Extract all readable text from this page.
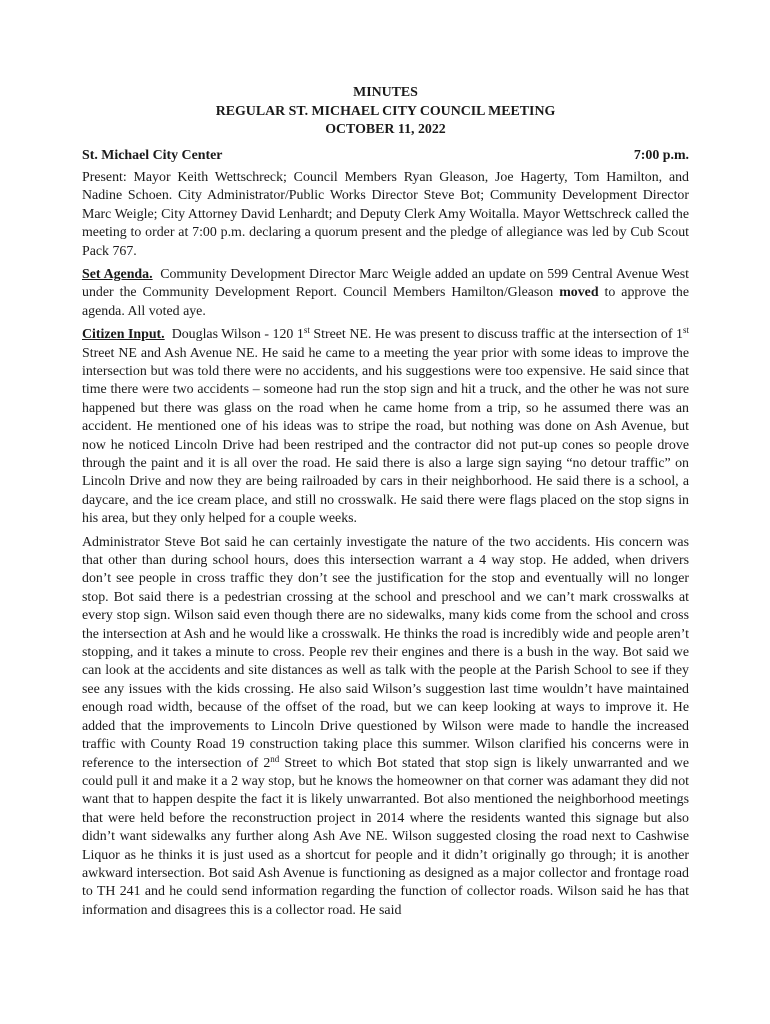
MINUTES
REGULAR ST. MICHAEL CITY COUNCIL MEETING
OCTOBER 11, 2022
St. Michael City Center	7:00 p.m.

Present: Mayor Keith Wettschreck; Council Members Ryan Gleason, Joe Hagerty, Tom Hamilton, and Nadine Schoen. City Administrator/Public Works Director Steve Bot; Community Development Director Marc Weigle; City Attorney David Lenhardt; and Deputy Clerk Amy Woitalla. Mayor Wettschreck called the meeting to order at 7:00 p.m. declaring a quorum present and the pledge of allegiance was led by Cub Scout Pack 767.

Set Agenda. Community Development Director Marc Weigle added an update on 599 Central Avenue West under the Community Development Report. Council Members Hamilton/Gleason moved to approve the agenda. All voted aye.

Citizen Input. Douglas Wilson - 120 1st Street NE. He was present to discuss traffic at the intersection of 1st Street NE and Ash Avenue NE. He said he came to a meeting the year prior with some ideas to improve the intersection but was told there were no accidents, and his suggestions were too expensive. He said since that time there were two accidents – someone had run the stop sign and hit a truck, and the other he was not sure happened but there was glass on the road when he came home from a trip, so he assumed there was an accident. He mentioned one of his ideas was to stripe the road, but nothing was done on Ash Avenue, but now he noticed Lincoln Drive had been restriped and the contractor did not put-up cones so people drove through the paint and it is all over the road. He said there is also a large sign saying “no detour traffic” on Lincoln Drive and now they are being railroaded by cars in their neighborhood. He said there is a school, a daycare, and the ice cream place, and still no crosswalk. He said there were flags placed on the stop signs in his area, but they only helped for a couple weeks.

Administrator Steve Bot said he can certainly investigate the nature of the two accidents. His concern was that other than during school hours, does this intersection warrant a 4 way stop. He added, when drivers don’t see people in cross traffic they don’t see the justification for the stop and eventually will no longer stop. Bot said there is a pedestrian crossing at the school and preschool and we can’t mark crosswalks at every stop sign. Wilson said even though there are no sidewalks, many kids come from the school and cross the intersection at Ash and he would like a crosswalk. He thinks the road is incredibly wide and people aren’t stopping, and it takes a minute to cross. People rev their engines and there is a bush in the way. Bot said we can look at the accidents and site distances as well as talk with the people at the Parish School to see if they see any issues with the kids crossing. He also said Wilson’s suggestion last time wouldn’t have maintained enough road width, because of the offset of the road, but we can keep looking at ways to improve it. He added that the improvements to Lincoln Drive questioned by Wilson were made to handle the increased traffic with County Road 19 construction taking place this summer. Wilson clarified his concerns were in reference to the intersection of 2nd Street to which Bot stated that stop sign is likely unwarranted and we could pull it and make it a 2 way stop, but he knows the homeowner on that corner was adamant they did not want that to happen despite the fact it is likely unwarranted. Bot also mentioned the neighborhood meetings that were held before the reconstruction project in 2014 where the residents wanted this signage but also didn’t want sidewalks any further along Ash Ave NE. Wilson suggested closing the road next to Cashwise Liquor as he thinks it is just used as a shortcut for people and it didn’t originally go through; it is another awkward intersection. Bot said Ash Avenue is functioning as designed as a major collector and frontage road to TH 241 and he could send information regarding the function of collector roads. Wilson said he has that information and disagrees this is a collector road. He said
